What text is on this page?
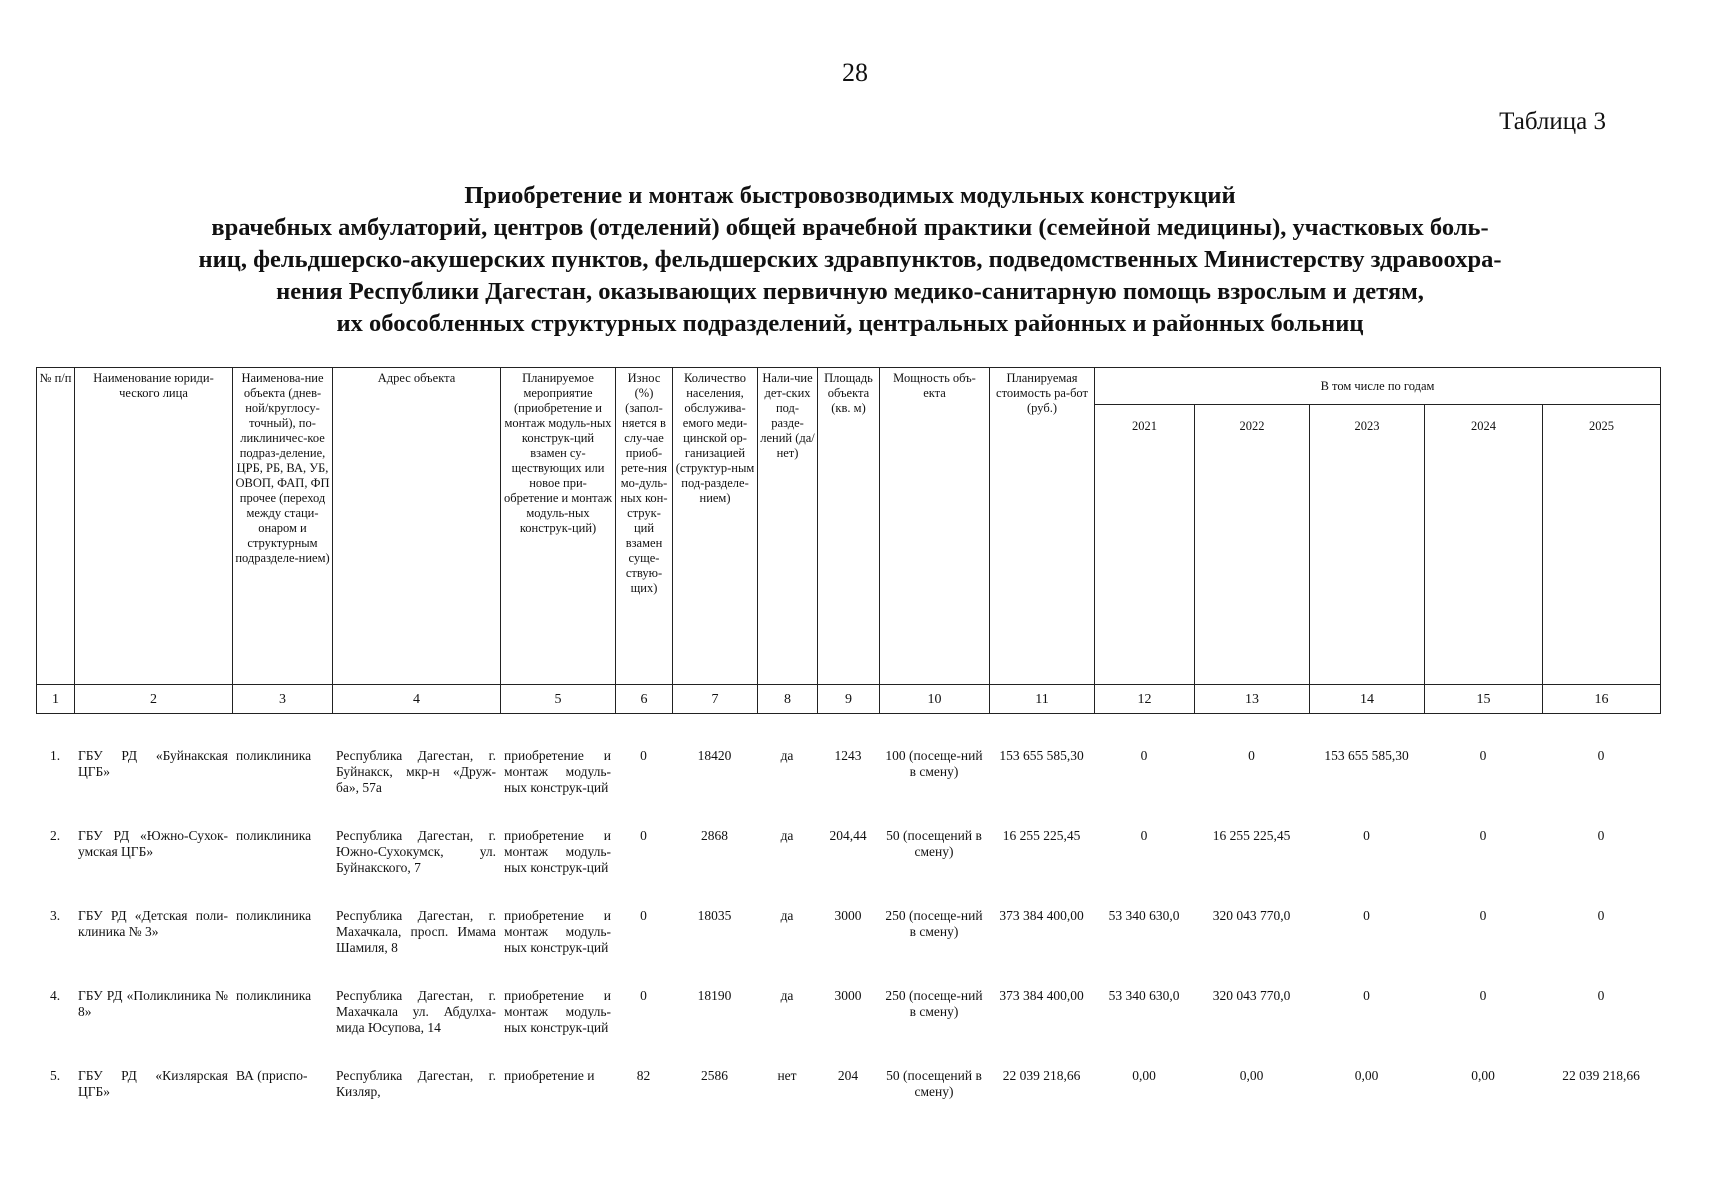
28
Таблица 3
Приобретение и монтаж быстровозводимых модульных конструкций
врачебных амбулаторий, центров (отделений) общей врачебной практики (семейной медицины), участковых боль-
ниц, фельдшерско-акушерских пунктов, фельдшерских здравпунктов, подведомственных Министерству здравоохра-
нения Республики Дагестан, оказывающих первичную медико-санитарную помощь взрослым и детям,
их обособленных структурных подразделений, центральных районных и районных больниц
№ п/п	Наименование юриди-ческого лица	Наименова-ние объекта (днев-ной/круглосу-точный), по-ликлиничес-кое подраз-деление, ЦРБ, РБ, ВА, УБ, ОВОП, ФАП, ФП прочее (переход между стаци-онаром и структурным подразделе-нием)	Адрес объекта	Планируемое мероприятие (приобретение и монтаж модуль-ных конструк-ций взамен су-ществующих или новое при-обретение и монтаж модуль-ных конструк-ций)	Износ (%) (запол-няется в слу-чае приоб-рете-ния мо-дуль-ных кон-струк-ций взамен суще-ствую-щих)	Количество населения, обслужива-емого меди-цинской ор-ганизацией (структур-ным под-разделе-нием)	Нали-чие дет-ских под-разде-лений (да/ нет)	Площадь объекта (кв. м)	Мощность объ-екта	Планируемая стоимость ра-бот (руб.)	В том числе по годам				
											2021	2022	2023	2024	2025
1	2	3	4	5	6	7	8	9	10	11	12	13	14	15	16
1.	ГБУ РД «Буйнакская ЦГБ»	поликлиника	Республика Дагестан, г. Буйнакск, мкр-н «Друж-ба», 57а	приобретение и монтаж модуль-ных конструк-ций	0	18420	да	1243	100 (посеще-ний в смену)	153 655 585,30	0	0	153 655 585,30	0	0
2.	ГБУ РД «Южно-Сухок-умская ЦГБ»	поликлиника	Республика Дагестан, г. Южно-Сухокумск, ул. Буйнакского, 7	приобретение и монтаж модуль-ных конструк-ций	0	2868	да	204,44	50 (посещений в смену)	16 255 225,45	0	16 255 225,45	0	0	0
3.	ГБУ РД «Детская поли-клиника № 3»	поликлиника	Республика Дагестан, г. Махачкала, просп. Имама Шамиля, 8	приобретение и монтаж модуль-ных конструк-ций	0	18035	да	3000	250 (посеще-ний в смену)	373 384 400,00	53 340 630,0	320 043 770,0	0	0	0
4.	ГБУ РД «Поликлиника № 8»	поликлиника	Республика Дагестан, г. Махачкала ул. Абдулха-мида Юсупова, 14	приобретение и монтаж модуль-ных конструк-ций	0	18190	да	3000	250 (посеще-ний в смену)	373 384 400,00	53 340 630,0	320 043 770,0	0	0	0
5.	ГБУ РД «Кизлярская ЦГБ»	ВА (приспо-	Республика Дагестан, г. Кизляр,	приобретение и	82	2586	нет	204	50 (посещений в смену)	22 039 218,66	0,00	0,00	0,00	0,00	22 039 218,66
